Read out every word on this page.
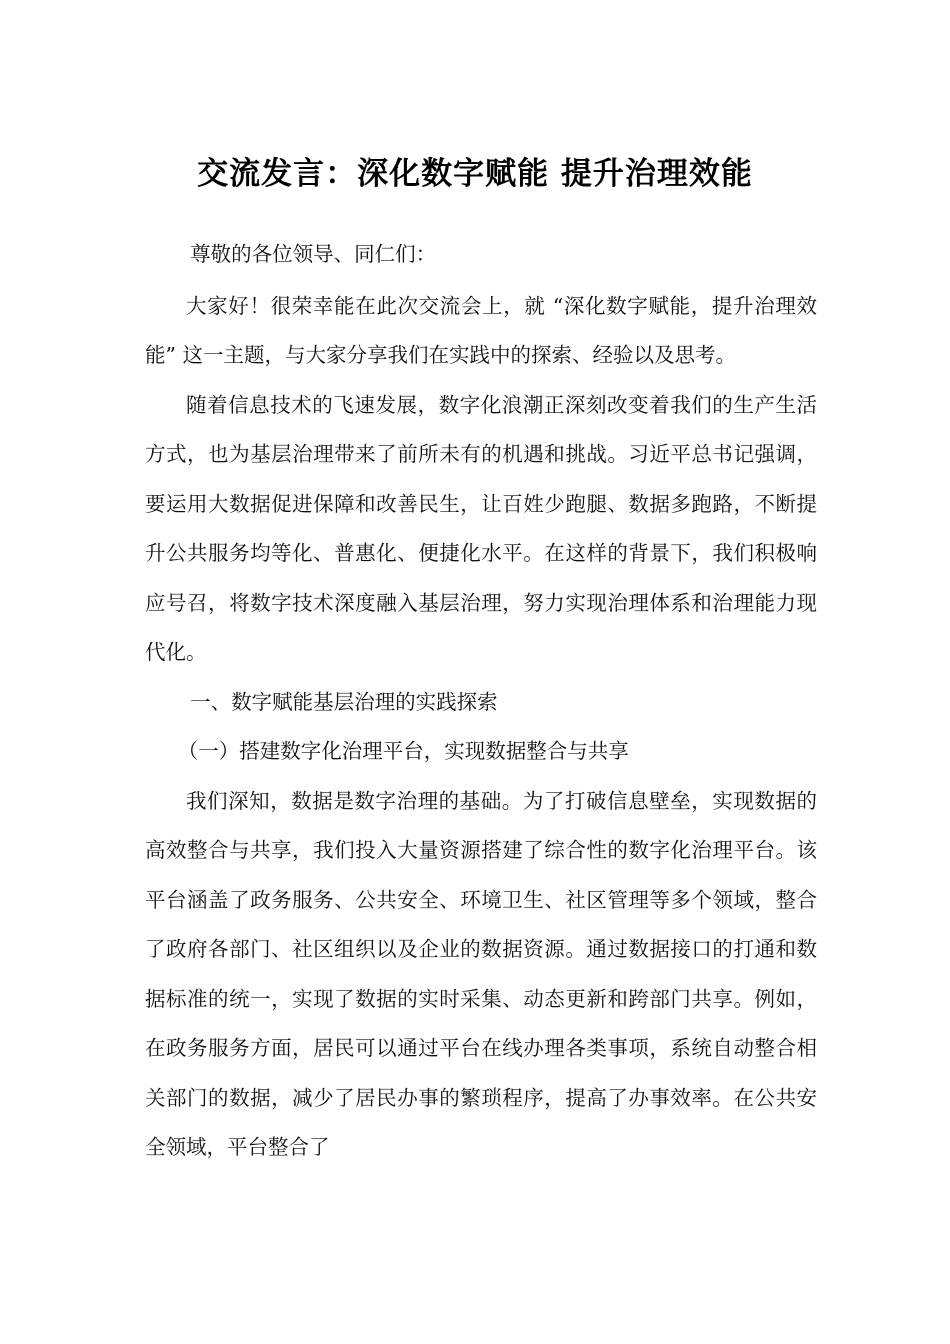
交流发言：深化数字赋能 提升治理效能

尊敬的各位领导、同仁们：

大家好！很荣幸能在此次交流会上，就 “深化数字赋能，提升治理效能” 这一主题，与大家分享我们在实践中的探索、经验以及思考。

随着信息技术的飞速发展，数字化浪潮正深刻改变着我们的生产生活方式，也为基层治理带来了前所未有的机遇和挑战。习近平总书记强调，要运用大数据促进保障和改善民生，让百姓少跑腿、数据多跑路，不断提升公共服务均等化、普惠化、便捷化水平。在这样的背景下，我们积极响应号召，将数字技术深度融入基层治理，努力实现治理体系和治理能力现代化。

一、数字赋能基层治理的实践探索

（一）搭建数字化治理平台，实现数据整合与共享

我们深知，数据是数字治理的基础。为了打破信息壁垒，实现数据的高效整合与共享，我们投入大量资源搭建了综合性的数字化治理平台。该平台涵盖了政务服务、公共安全、环境卫生、社区管理等多个领域，整合了政府各部门、社区组织以及企业的数据资源。通过数据接口的打通和数据标准的统一，实现了数据的实时采集、动态更新和跨部门共享。例如，在政务服务方面，居民可以通过平台在线办理各类事项，系统自动整合相关部门的数据，减少了居民办事的繁琐程序，提高了办事效率。在公共安全领域，平台整合了
